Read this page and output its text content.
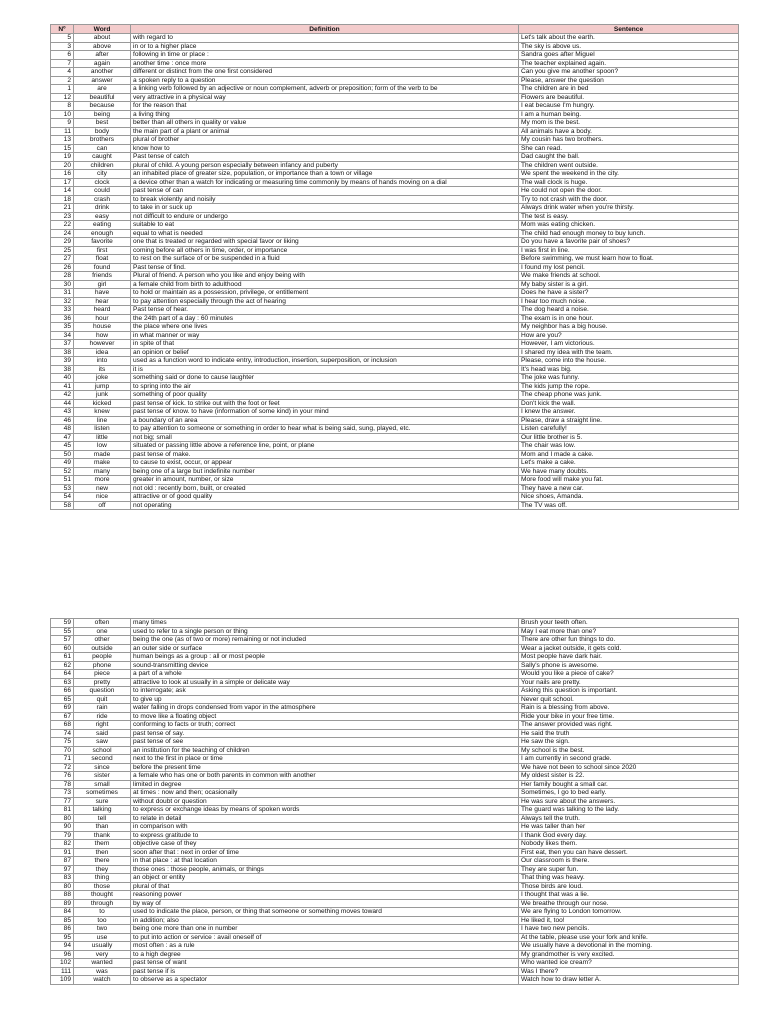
Nº	Word	Definition	Sentence
5	about	with regard to	Let's talk about the earth.
3	above	in or to a higher place	The sky is above us.
6	after	following in time or place :	Sandra goes after Miguel
7	again	another time : once more	The teacher explained again.
4	another	different or distinct from the one first considered	Can you give me another spoon?
2	answer	a spoken reply to a question	Please, answer the question
1	are	a linking verb followed by an adjective or noun complement, adverb or preposition; form of the verb to be	The children are in bed
12	beautiful	very attractive in a physical way	Flowers are beautiful.
8	because	for the reason that	I eat because I'm hungry.
10	being	a living thing	I am a human being.
9	best	better than all others in quality or value	My mom is the best.
11	body	the main part of a plant or animal	All animals have a body.
13	brothers	plural of brother	My cousin has two brothers.
15	can	know how to	She can read.
19	caught	Past tense of catch	Dad caught the ball.
20	children	plural of child. A young person especially between infancy and puberty	The children went outside.
16	city	an inhabited place of greater size, population, or importance than a town or village	We spent the weekend in the city.
17	clock	a device other than a watch for indicating or measuring time commonly by means of hands moving on a dial	The wall clock is huge.
14	could	past tense of can	He could not open the door.
18	crash	to break violently and noisily	Try to not crash with the door.
21	drink	to take in or suck up	Always drink water when you're thirsty.
23	easy	not difficult to endure or undergo	The test is easy.
22	eating	suitable to eat	Mom was eating chicken.
24	enough	equal to what is needed	The child had enough money to buy lunch.
29	favorite	one that is treated or regarded with special favor or liking	Do you have a favorite pair of shoes?
25	first	coming before all others in time, order, or importance	I was first in line.
27	float	to rest on the surface of or be suspended in a fluid	Before swimming, we must learn how to float.
26	found	Past tense of find.	I found my lost pencil.
28	friends	Plural of friend. A person who you like and enjoy being with	We make friends at school.
30	girl	a female child from birth to adulthood	My baby sister is a girl.
31	have	to hold or maintain as a possession, privilege, or entitlement	Does he have a sister?
32	hear	to pay attention especially through the act of hearing	I hear too much noise.
33	heard	Past tense of hear.	The dog heard a noise.
36	hour	the 24th part of a day : 60 minutes	The exam is in one hour.
35	house	the place where one lives	My neighbor has a big house.
34	how	in what manner or way	How are you?
37	however	in spite of that	However, I am victorious.
38	idea	an opinion or belief	I shared my idea with the team.
39	into	used as a function word to indicate entry, introduction, insertion, superposition, or inclusion	Please, come into the house.
38	its	it is	It's head was big.
40	joke	something said or done to cause laughter	The joke was funny.
41	jump	to spring into the air	The kids jump the rope.
42	junk	something of poor quality	The cheap phone was junk.
44	kicked	past tense of kick. to strike out with the foot or feet	Don't kick the wall.
43	knew	past tense of know. to have (information of some kind) in your mind	I knew the answer.
46	line	a boundary of an area	Please, draw a straight line.
48	listen	to pay attention to someone or something in order to hear what is being said, sung, played, etc.	Listen carefully!
47	little	not big; small	Our little brother is 5.
45	low	situated or passing little above a reference line, point, or plane	The chair was low.
50	made	past tense of make.	Mom and I made a cake.
49	make	to cause to exist, occur, or appear	Let's make a cake.
52	many	being one of a large but indefinite number	We have many doubts.
51	more	greater in amount, number, or size	More food will make you fat.
53	new	not old : recently born, built, or created	They have a new car.
54	nice	attractive or of good quality	Nice shoes, Amanda.
58	off	not operating	The TV was off.
59	often	many times	Brush your teeth often.
55	one	used to refer to a single person or thing	May I eat more than one?
57	other	being the one (as of two or more) remaining or not included	There are other fun things to do.
60	outside	an outer side or surface	Wear a jacket outside, it gets cold.
61	people	human beings as a group : all or most people	Most people have dark hair.
62	phone	sound-transmitting device	Sally's phone is awesome.
64	piece	a part of a whole	Would you like a piece of cake?
63	pretty	attractive to look at usually in a simple or delicate way	Your nails are pretty.
66	question	to interrogate; ask	Asking this question is important.
65	quit	to give up	Never quit school.
69	rain	water falling in drops condensed from vapor in the atmosphere	Rain is a blessing from above.
67	ride	to move like a floating object	Ride your bike in your free time.
68	right	conforming to facts or truth; correct	The answer provided was right.
74	said	past tense of say.	He said the truth
75	saw	past tense of see	He saw the sign.
70	school	an institution for the teaching of children	My school is the best.
71	second	next to the first in place or time	I am currently in second grade.
72	since	before the present time	We have not been to school since 2020
76	sister	a female who has one or both parents in common with another	My oldest sister is 22.
78	small	limited in degree	Her family bought a small car.
73	sometimes	at times : now and then; ocasionally	Sometimes, I go to bed early.
77	sure	without doubt or question	He was sure about the answers.
81	talking	to express or exchange ideas by means of spoken words	The guard was talking to the lady.
80	tell	to relate in detail	Always tell the truth.
90	than	in comparison with	He was taller than her
79	thank	to express gratitude to	I thank God every day.
82	them	objective case of they	Nobody likes them.
91	then	soon after that : next in order of time	First eat, then you can have dessert.
87	there	in that place : at that location	Our classroom is there.
97	they	those ones : those people, animals, or things	They are super fun.
83	thing	an object or entity	That thing was heavy.
80	those	plural of that	Those birds are loud.
88	thought	reasoning power	I thought that was a lie.
89	through	by way of	We breathe through our nose.
84	to	used to indicate the place, person, or thing that someone or something moves toward	We are flying to London tomorrow.
85	too	in addition; also	He liked it, too!
86	two	being one more than one in number	I have two new pencils.
95	use	to put into action or service : avail oneself of	At the table, please use your fork and knife.
94	usually	most often : as a rule	We usually have a devotional in the morning.
96	very	to a high degree	My grandmother is very excited.
102	wanted	past tense of want	Who wanted ice cream?
111	was	past tense if is	Was I there?
109	watch	to observe as a spectator	Watch how to draw letter A.
